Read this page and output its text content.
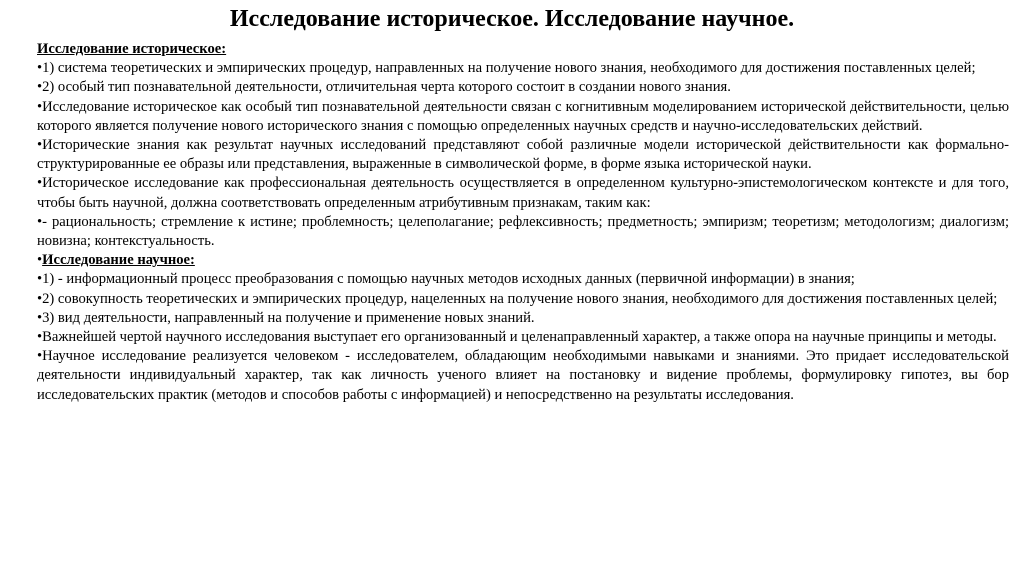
Исследование историческое. Исследование научное.

Исследование историческое:

•1) система теоретических и эмпирических процедур, направленных на получение нового знания, необходимого для достижения поставленных целей;

•2) особый тип познавательной деятельности, отличительная черта которого состоит в создании нового знания.

•Исследование историческое как особый тип познавательной деятельности связан с когнитивным моделированием исторической действительности, целью которого является получение нового исторического знания с помощью определенных научных средств и научно-исследовательских действий.

•Исторические знания как результат научных исследований представляют собой различные модели исторической действительности как формально-структурированные ее образы или представления, выраженные в символической форме, в форме языка исторической науки.

•Историческое исследование как профессиональная деятельность осуществляется в определенном культурно-эпистемологическом контексте и для того, чтобы быть научной, должна соответствовать определенным атрибутивным признакам, таким как:

•- рациональность; стремление к истине; проблемность; целеполагание; рефлексивность; предметность; эмпиризм; теоретизм; методологизм; диалогизм; новизна; контекстуальность.

•Исследование научное:

•1) - информационный процесс преобразования с помощью научных методов исходных данных (первичной информации) в знания;

•2) совокупность теоретических и эмпирических процедур, нацеленных на получение нового знания, необходимого для достижения поставленных целей;

•3) вид деятельности, направленный на получение и применение новых знаний.

•Важнейшей чертой научного исследования выступает его организованный и целенаправленный характер, а также опора на научные принципы и методы.

•Научное исследование реализуется человеком - исследователем, обладающим необходимыми навыками и знаниями. Это придает исследовательской деятельности индивидуальный характер, так как личность ученого влияет на постановку и видение проблемы, формулировку гипотез, вы бор исследовательских практик (методов и способов работы с информацией) и непосредственно на результаты исследования.
